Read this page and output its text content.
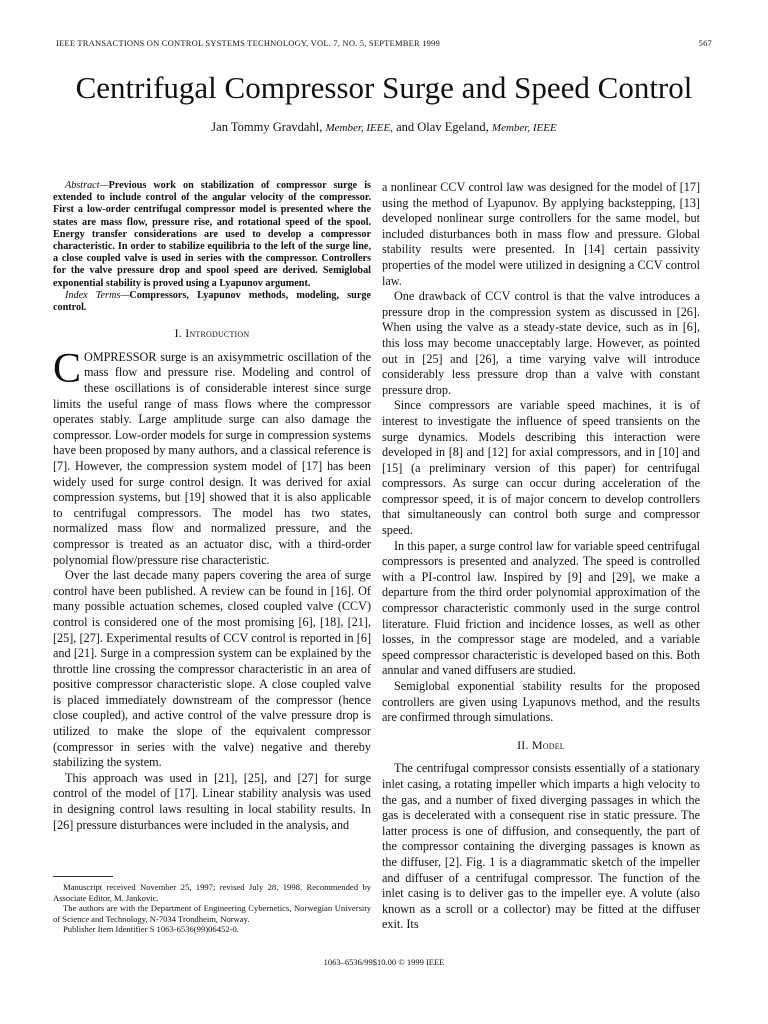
IEEE TRANSACTIONS ON CONTROL SYSTEMS TECHNOLOGY, VOL. 7, NO. 5, SEPTEMBER 1999	567
Centrifugal Compressor Surge and Speed Control
Jan Tommy Gravdahl, Member, IEEE, and Olav Egeland, Member, IEEE

Abstract—Previous work on stabilization of compressor surge is extended to include control of the angular velocity of the compressor. First a low-order centrifugal compressor model is presented where the states are mass flow, pressure rise, and rotational speed of the spool. Energy transfer considerations are used to develop a compressor characteristic. In order to stabilize equilibria to the left of the surge line, a close coupled valve is used in series with the compressor. Controllers for the valve pressure drop and spool speed are derived. Semiglobal exponential stability is proved using a Lyapunov argument.

Index Terms—Compressors, Lyapunov methods, modeling, surge control.

I. Introduction

COMPRESSOR surge is an axisymmetric oscillation of the mass flow and pressure rise. Modeling and control of these oscillations is of considerable interest since surge limits the useful range of mass flows where the compressor operates stably. Large amplitude surge can also damage the compressor. Low-order models for surge in compression systems have been proposed by many authors, and a classical reference is [7]. However, the compression system model of [17] has been widely used for surge control design. It was derived for axial compression systems, but [19] showed that it is also applicable to centrifugal compressors. The model has two states, normalized mass flow and normalized pressure, and the compressor is treated as an actuator disc, with a third-order polynomial flow/pressure rise characteristic.

Over the last decade many papers covering the area of surge control have been published. A review can be found in [16]. Of many possible actuation schemes, closed coupled valve (CCV) control is considered one of the most promising [6], [18], [21], [25], [27]. Experimental results of CCV control is reported in [6] and [21]. Surge in a compression system can be explained by the throttle line crossing the compressor characteristic in an area of positive compressor characteristic slope. A close coupled valve is placed immediately downstream of the compressor (hence close coupled), and active control of the valve pressure drop is utilized to make the slope of the equivalent compressor (compressor in series with the valve) negative and thereby stabilizing the system.

This approach was used in [21], [25], and [27] for surge control of the model of [17]. Linear stability analysis was used in designing control laws resulting in local stability results. In [26] pressure disturbances were included in the analysis, and

a nonlinear CCV control law was designed for the model of [17] using the method of Lyapunov. By applying backstepping, [13] developed nonlinear surge controllers for the same model, but included disturbances both in mass flow and pressure. Global stability results were presented. In [14] certain passivity properties of the model were utilized in designing a CCV control law.

One drawback of CCV control is that the valve introduces a pressure drop in the compression system as discussed in [26]. When using the valve as a steady-state device, such as in [6], this loss may become unacceptably large. However, as pointed out in [25] and [26], a time varying valve will introduce considerably less pressure drop than a valve with constant pressure drop.

Since compressors are variable speed machines, it is of interest to investigate the influence of speed transients on the surge dynamics. Models describing this interaction were developed in [8] and [12] for axial compressors, and in [10] and [15] (a preliminary version of this paper) for centrifugal compressors. As surge can occur during acceleration of the compressor speed, it is of major concern to develop controllers that simultaneously can control both surge and compressor speed.

In this paper, a surge control law for variable speed centrifugal compressors is presented and analyzed. The speed is controlled with a PI-control law. Inspired by [9] and [29], we make a departure from the third order polynomial approximation of the compressor characteristic commonly used in the surge control literature. Fluid friction and incidence losses, as well as other losses, in the compressor stage are modeled, and a variable speed compressor characteristic is developed based on this. Both annular and vaned diffusers are studied.

Semiglobal exponential stability results for the proposed controllers are given using Lyapunovs method, and the results are confirmed through simulations.

II. Model

The centrifugal compressor consists essentially of a stationary inlet casing, a rotating impeller which imparts a high velocity to the gas, and a number of fixed diverging passages in which the gas is decelerated with a consequent rise in static pressure. The latter process is one of diffusion, and consequently, the part of the compressor containing the diverging passages is known as the diffuser, [2]. Fig. 1 is a diagrammatic sketch of the impeller and diffuser of a centrifugal compressor. The function of the inlet casing is to deliver gas to the impeller eye. A volute (also known as a scroll or a collector) may be fitted at the diffuser exit. Its

Manuscript received November 25, 1997; revised July 28, 1998. Recommended by Associate Editor, M. Jankovic.

The authors are with the Department of Engineering Cybernetics, Norwegian University of Science and Technology, N-7034 Trondheim, Norway.

Publisher Item Identifier S 1063-6536(99)06452-0.

1063–6536/99$10.00 © 1999 IEEE
